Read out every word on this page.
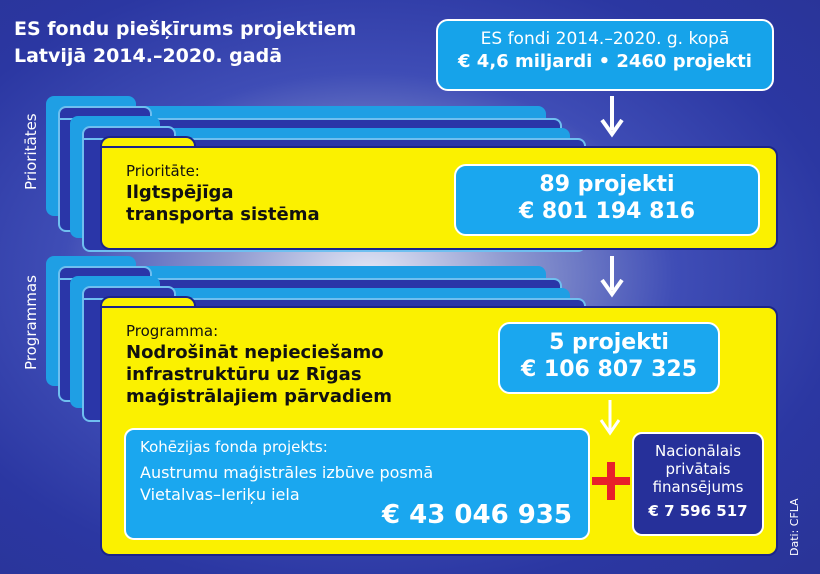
ES fondu piešķīrums projektiem
Latvijā 2014.–2020. gadā
ES fondi 2014.–2020. g. kopā
€ 4,6 miljardi • 2460 projekti
Prioritāte:
Ilgtspējīga
transporta sistēma
89 projekti
€ 801 194 816
Prioritātes
Programma:
Nodrošināt nepieciešamo
infrastruktūru uz Rīgas
maģistrālajiem pārvadiem
5 projekti
€ 106 807 325
Kohēzijas fonda projekts:
Austrumu maģistrāles izbūve posmā
Vietalvas–Ieriķu iela
€ 43 046 935
Nacionālais
privātais
finansējums
€ 7 596 517
Programmas
Dati: CFLA
